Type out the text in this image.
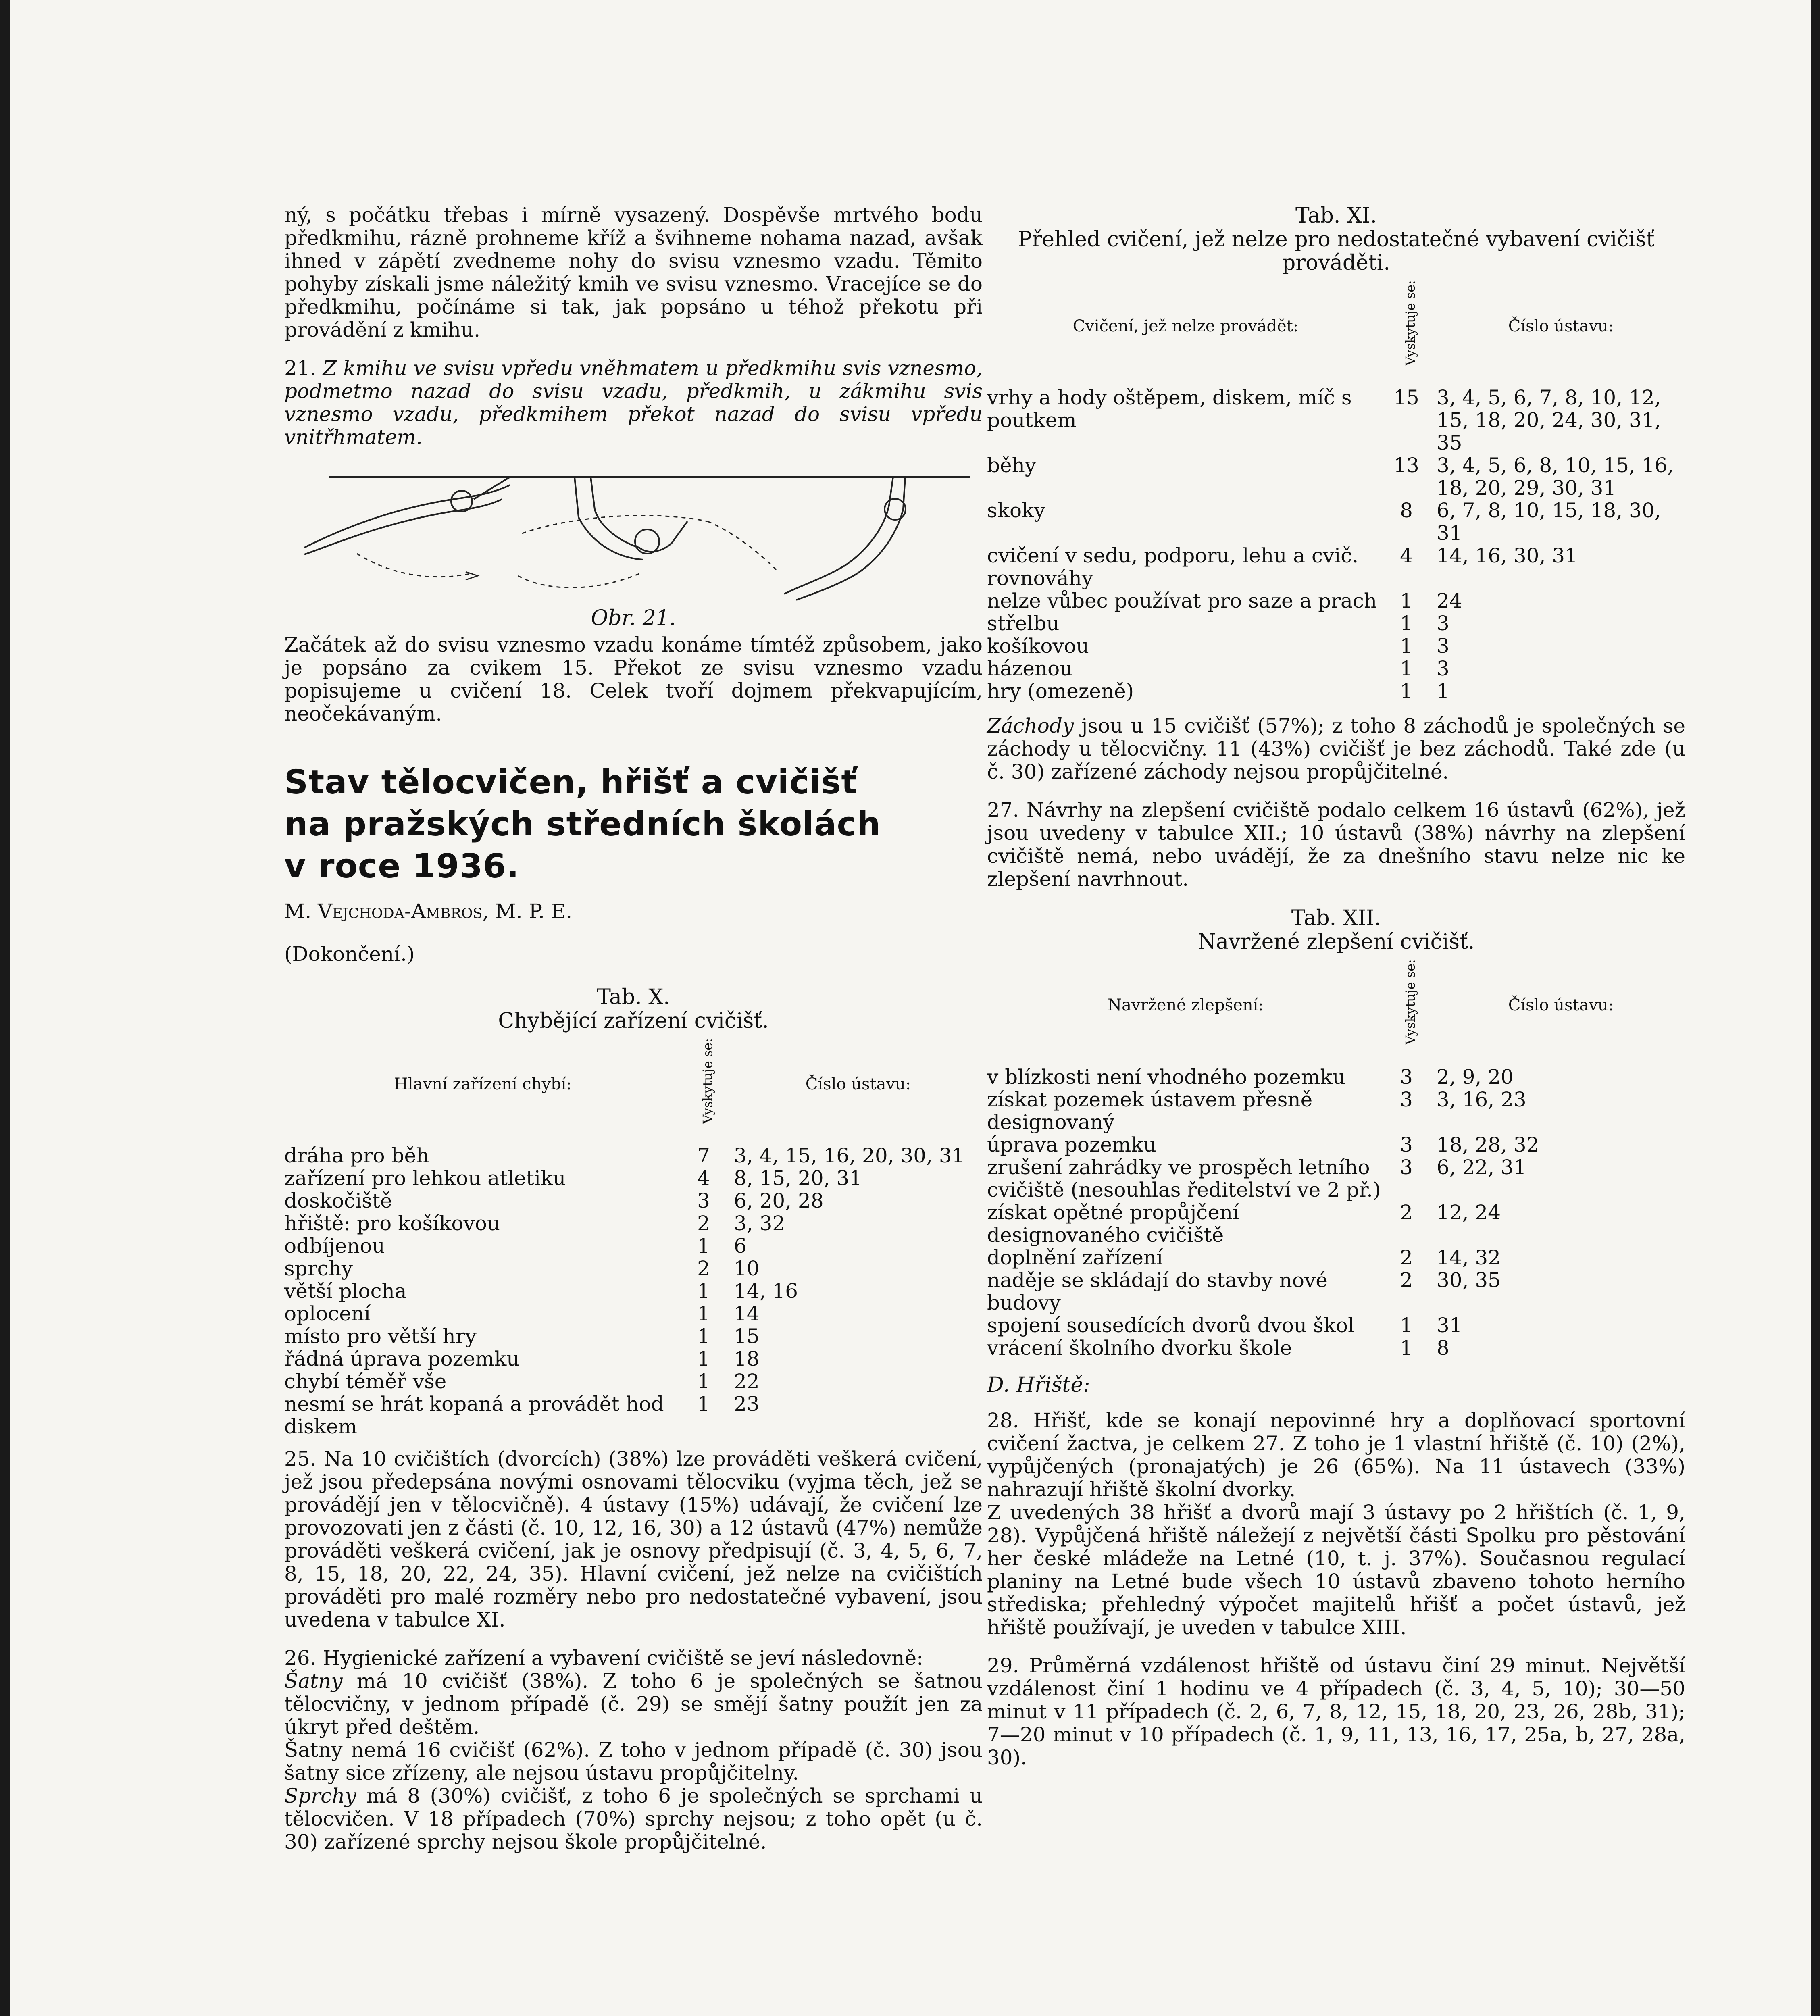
ný, s počátku třebas i mírně vysazený. Dospěvše mrtvého bodu předkmihu, rázně prohneme kříž a švihneme nohama nazad, avšak ihned v zápětí zvedneme nohy do svisu vznesmo vzadu. Těmito pohyby získali jsme náležitý kmih ve svisu vznesmo. Vracejíce se do předkmihu, počínáme si tak, jak popsáno u téhož překotu při provádění z kmihu.

21. Z kmihu ve svisu vpředu vněhmatem u předkmihu svis vznesmo, podmetmo nazad do svisu vzadu, předkmih, u zákmihu svis vznesmo vzadu, předkmihem překot nazad do svisu vpředu vnitřhmatem.

Obr. 21.

Začátek až do svisu vznesmo vzadu konáme tímtéž způsobem, jako je popsáno za cvikem 15. Překot ze svisu vznesmo vzadu popisujeme u cvičení 18. Celek tvoří dojmem překvapujícím, neočekávaným.

Stav tělocvičen, hřišť a cvičišť
na pražských středních školách
v roce 1936.

M. Vejchoda-Ambros, M. P. E.

(Dokončení.)

Tab. X.

Chybějící zařízení cvičišť.

Hlavní zařízení chybí:	Vyskytuje se:	Číslo ústavu:
dráha pro běh	7	3, 4, 15, 16, 20, 30, 31
zařízení pro lehkou atletiku	4	8, 15, 20, 31
doskočiště	3	6, 20, 28
hřiště: pro košíkovou	2	3, 32
odbíjenou	1	6
sprchy	2	10
větší plocha	1	14, 16
oplocení	1	14
místo pro větší hry	1	15
řádná úprava pozemku	1	18
chybí téměř vše	1	22
nesmí se hrát kopaná a provádět hod diskem	1	23

25. Na 10 cvičištích (dvorcích) (38%) lze prováděti veškerá cvičení, jež jsou předepsána novými osnovami tělocviku (vyjma těch, jež se provádějí jen v tělocvičně). 4 ústavy (15%) udávají, že cvičení lze provozovati jen z části (č. 10, 12, 16, 30) a 12 ústavů (47%) nemůže prováděti veškerá cvičení, jak je osnovy předpisují (č. 3, 4, 5, 6, 7, 8, 15, 18, 20, 22, 24, 35). Hlavní cvičení, jež nelze na cvičištích prováděti pro malé rozměry nebo pro nedostatečné vybavení, jsou uvedena v tabulce XI.

26. Hygienické zařízení a vybavení cvičiště se jeví následovně:

Šatny má 10 cvičišť (38%). Z toho 6 je společných se šatnou tělocvičny, v jednom případě (č. 29) se smějí šatny použít jen za úkryt před deštěm.

Šatny nemá 16 cvičišť (62%). Z toho v jednom případě (č. 30) jsou šatny sice zřízeny, ale nejsou ústavu propůjčitelny.

Sprchy má 8 (30%) cvičišť, z toho 6 je společných se sprchami u tělocvičen. V 18 případech (70%) sprchy nejsou; z toho opět (u č. 30) zařízené sprchy nejsou škole propůjčitelné.

Tab. XI.

Přehled cvičení, jež nelze pro nedostatečné vybavení cvičišť prováděti.

Cvičení, jež nelze provádět:	Vyskytuje se:	Číslo ústavu:
vrhy a hody oštěpem, diskem, míč s poutkem	15	3, 4, 5, 6, 7, 8, 10, 12, 15, 18, 20, 24, 30, 31, 35
běhy	13	3, 4, 5, 6, 8, 10, 15, 16, 18, 20, 29, 30, 31
skoky	8	6, 7, 8, 10, 15, 18, 30, 31
cvičení v sedu, podporu, lehu a cvič. rovnováhy	4	14, 16, 30, 31
nelze vůbec používat pro saze a prach	1	24
střelbu	1	3
košíkovou	1	3
házenou	1	3
hry (omezeně)	1	1

Záchody jsou u 15 cvičišť (57%); z toho 8 záchodů je společných se záchody u tělocvičny. 11 (43%) cvičišť je bez záchodů. Také zde (u č. 30) zařízené záchody nejsou propůjčitelné.

27. Návrhy na zlepšení cvičiště podalo celkem 16 ústavů (62%), jež jsou uvedeny v tabulce XII.; 10 ústavů (38%) návrhy na zlepšení cvičiště nemá, nebo uvádějí, že za dnešního stavu nelze nic ke zlepšení navrhnout.

Tab. XII.

Navržené zlepšení cvičišť.

Navržené zlepšení:	Vyskytuje se:	Číslo ústavu:
v blízkosti není vhodného pozemku	3	2, 9, 20
získat pozemek ústavem přesně designovaný	3	3, 16, 23
úprava pozemku	3	18, 28, 32
zrušení zahrádky ve prospěch letního cvičiště (nesouhlas ředitelství ve 2 př.)	3	6, 22, 31
získat opětné propůjčení designovaného cvičiště	2	12, 24
doplnění zařízení	2	14, 32
naděje se skládají do stavby nové budovy	2	30, 35
spojení sousedících dvorů dvou škol	1	31
vrácení školního dvorku škole	1	8

D. Hřiště:

28. Hřišť, kde se konají nepovinné hry a doplňovací sportovní cvičení žactva, je celkem 27. Z toho je 1 vlastní hřiště (č. 10) (2%), vypůjčených (pronajatých) je 26 (65%). Na 11 ústavech (33%) nahrazují hřiště školní dvorky.

Z uvedených 38 hřišť a dvorů mají 3 ústavy po 2 hřištích (č. 1, 9, 28). Vypůjčená hřiště náležejí z největší části Spolku pro pěstování her české mládeže na Letné (10, t. j. 37%). Současnou regulací planiny na Letné bude všech 10 ústavů zbaveno tohoto herního střediska; přehledný výpočet majitelů hřišť a počet ústavů, jež hřiště používají, je uveden v tabulce XIII.

29. Průměrná vzdálenost hřiště od ústavu činí 29 minut. Největší vzdálenost činí 1 hodinu ve 4 případech (č. 3, 4, 5, 10); 30—50 minut v 11 případech (č. 2, 6, 7, 8, 12, 15, 18, 20, 23, 26, 28b, 31); 7—20 minut v 10 případech (č. 1, 9, 11, 13, 16, 17, 25a, b, 27, 28a, 30).
